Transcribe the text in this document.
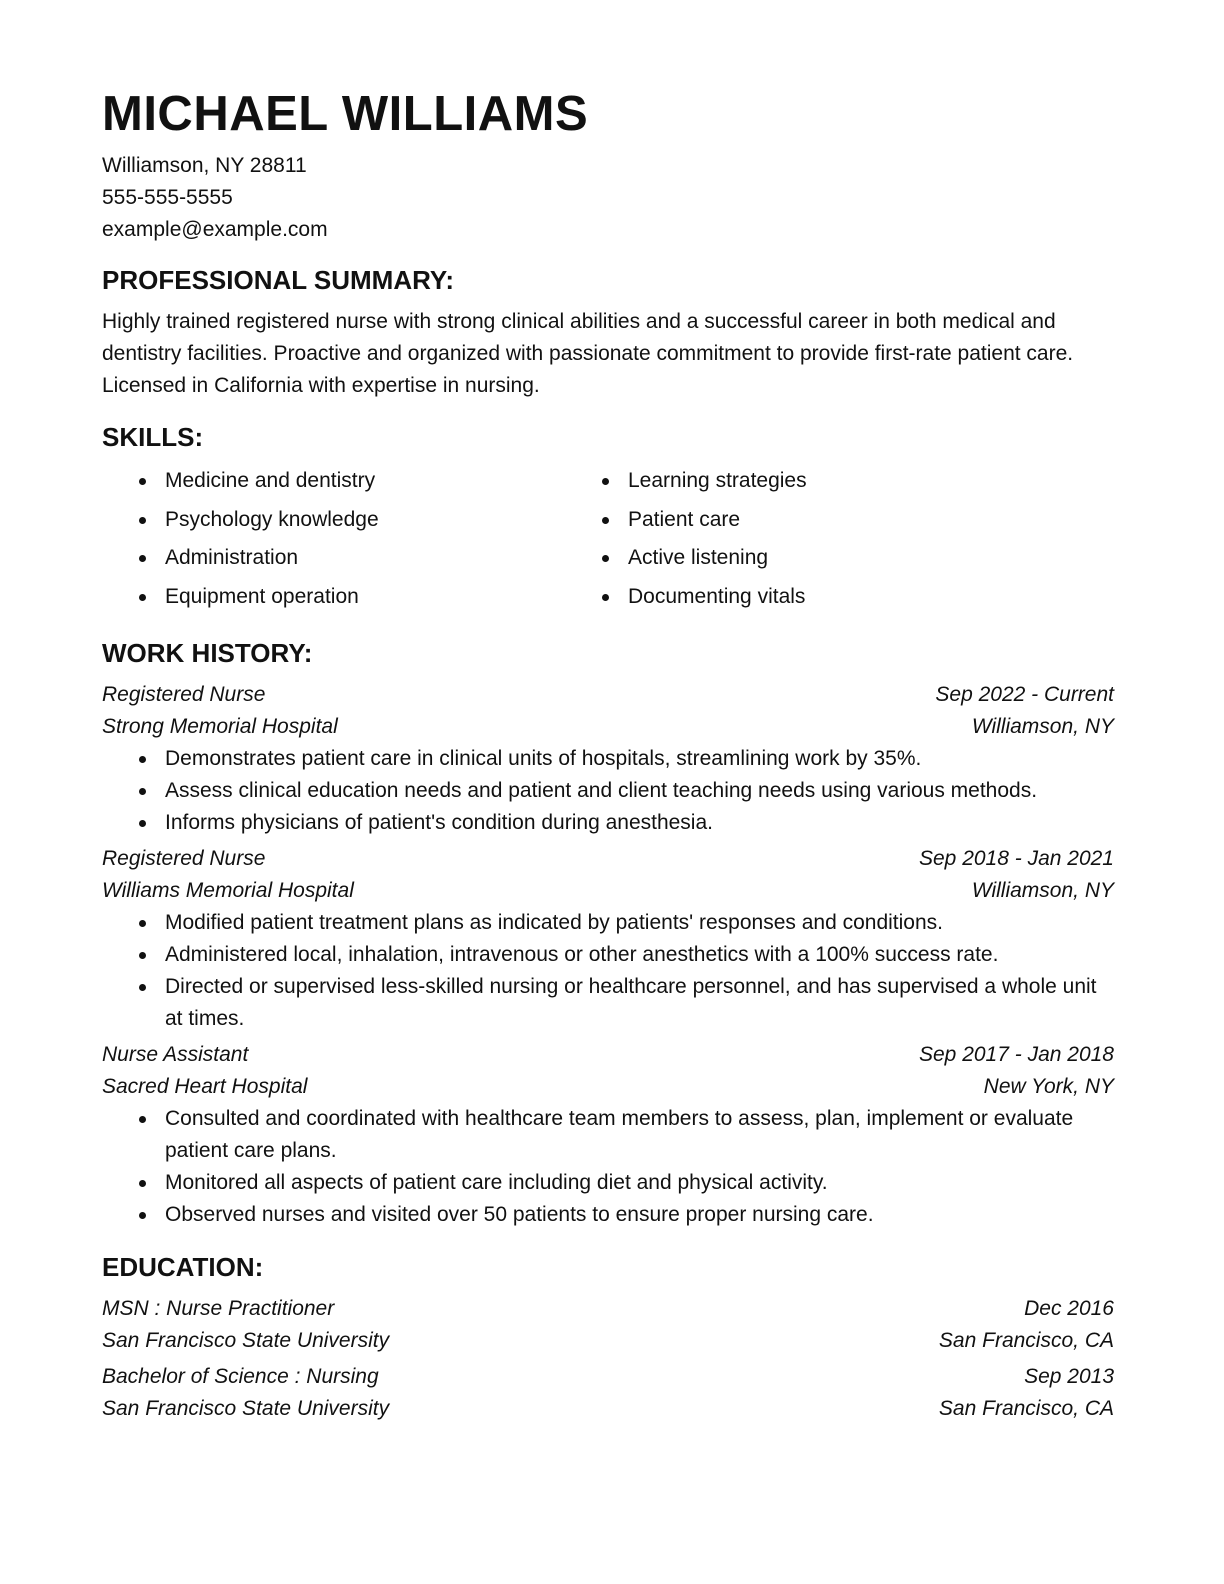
MICHAEL WILLIAMS
Williamson, NY 28811
555-555-5555
example@example.com
PROFESSIONAL SUMMARY:
Highly trained registered nurse with strong clinical abilities and a successful career in both medical and dentistry facilities. Proactive and organized with passionate commitment to provide first-rate patient care. Licensed in California with expertise in nursing.
SKILLS:
Medicine and dentistry
Psychology knowledge
Administration
Equipment operation
Learning strategies
Patient care
Active listening
Documenting vitals
WORK HISTORY:
Registered Nurse	Sep 2022 - Current
Strong Memorial Hospital	Williamson, NY
Demonstrates patient care in clinical units of hospitals, streamlining work by 35%.
Assess clinical education needs and patient and client teaching needs using various methods.
Informs physicians of patient's condition during anesthesia.
Registered Nurse	Sep 2018 - Jan 2021
Williams Memorial Hospital	Williamson, NY
Modified patient treatment plans as indicated by patients' responses and conditions.
Administered local, inhalation, intravenous or other anesthetics with a 100% success rate.
Directed or supervised less-skilled nursing or healthcare personnel, and has supervised a whole unit at times.
Nurse Assistant	Sep 2017 - Jan 2018
Sacred Heart Hospital	New York, NY
Consulted and coordinated with healthcare team members to assess, plan, implement or evaluate patient care plans.
Monitored all aspects of patient care including diet and physical activity.
Observed nurses and visited over 50 patients to ensure proper nursing care.
EDUCATION:
MSN : Nurse Practitioner	Dec 2016
San Francisco State University	San Francisco, CA
Bachelor of Science : Nursing	Sep 2013
San Francisco State University	San Francisco, CA
